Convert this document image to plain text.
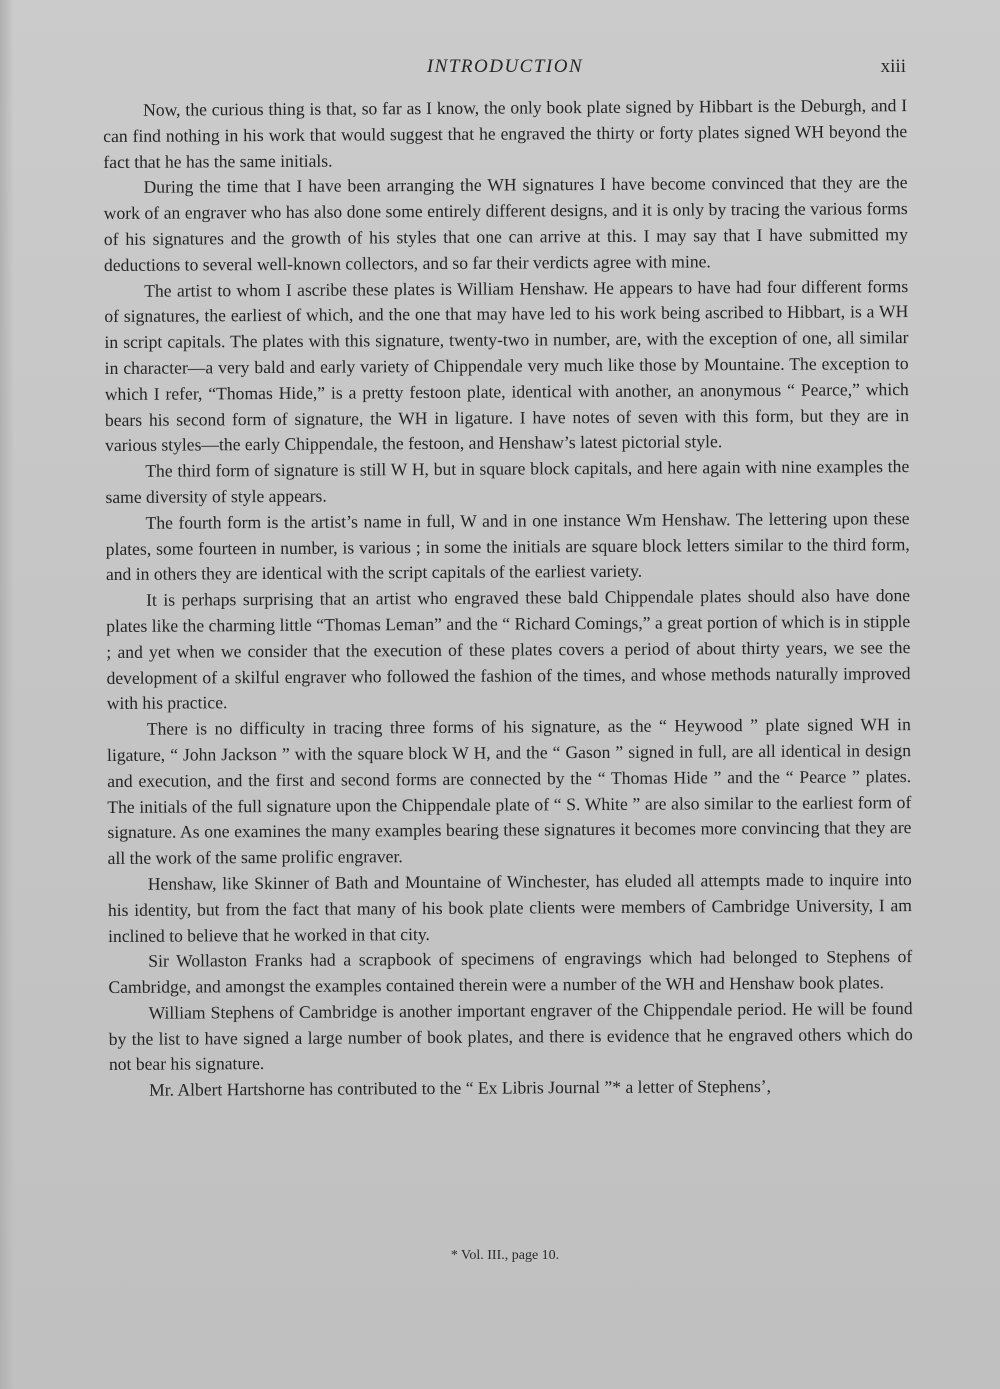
INTRODUCTION	xiii

Now, the curious thing is that, so far as I know, the only book plate signed by Hibbart is the Deburgh, and I can find nothing in his work that would suggest that he engraved the thirty or forty plates signed WH beyond the fact that he has the same initials.

During the time that I have been arranging the WH signatures I have become convinced that they are the work of an engraver who has also done some entirely different designs, and it is only by tracing the various forms of his signatures and the growth of his styles that one can arrive at this. I may say that I have submitted my deductions to several well-known collectors, and so far their verdicts agree with mine.

The artist to whom I ascribe these plates is William Henshaw. He appears to have had four different forms of signatures, the earliest of which, and the one that may have led to his work being ascribed to Hibbart, is a WH in script capitals. The plates with this signature, twenty-two in number, are, with the exception of one, all similar in character—a very bald and early variety of Chippendale very much like those by Mountaine. The exception to which I refer, “Thomas Hide,” is a pretty festoon plate, identical with another, an anonymous “ Pearce,” which bears his second form of signature, the WH in ligature. I have notes of seven with this form, but they are in various styles—the early Chippendale, the festoon, and Henshaw’s latest pictorial style.

The third form of signature is still W H, but in square block capitals, and here again with nine examples the same diversity of style appears.

The fourth form is the artist’s name in full, W and in one instance Wm Henshaw. The lettering upon these plates, some fourteen in number, is various ; in some the initials are square block letters similar to the third form, and in others they are identical with the script capitals of the earliest variety.

It is perhaps surprising that an artist who engraved these bald Chippendale plates should also have done plates like the charming little “Thomas Leman” and the “ Richard Comings,” a great portion of which is in stipple ; and yet when we consider that the execution of these plates covers a period of about thirty years, we see the development of a skilful engraver who followed the fashion of the times, and whose methods naturally improved with his practice.

There is no difficulty in tracing three forms of his signature, as the “ Heywood ” plate signed WH in ligature, “ John Jackson ” with the square block W H, and the “ Gason ” signed in full, are all identical in design and execution, and the first and second forms are connected by the “ Thomas Hide ” and the “ Pearce ” plates. The initials of the full signature upon the Chippendale plate of “ S. White ” are also similar to the earliest form of signature. As one examines the many examples bearing these signatures it becomes more convincing that they are all the work of the same prolific engraver.

Henshaw, like Skinner of Bath and Mountaine of Winchester, has eluded all attempts made to inquire into his identity, but from the fact that many of his book plate clients were members of Cambridge University, I am inclined to believe that he worked in that city.

Sir Wollaston Franks had a scrapbook of specimens of engravings which had belonged to Stephens of Cambridge, and amongst the examples contained therein were a number of the WH and Henshaw book plates.

William Stephens of Cambridge is another important engraver of the Chippendale period. He will be found by the list to have signed a large number of book plates, and there is evidence that he engraved others which do not bear his signature.

Mr. Albert Hartshorne has contributed to the “ Ex Libris Journal ”* a letter of Stephens’,

* Vol. III., page 10.
